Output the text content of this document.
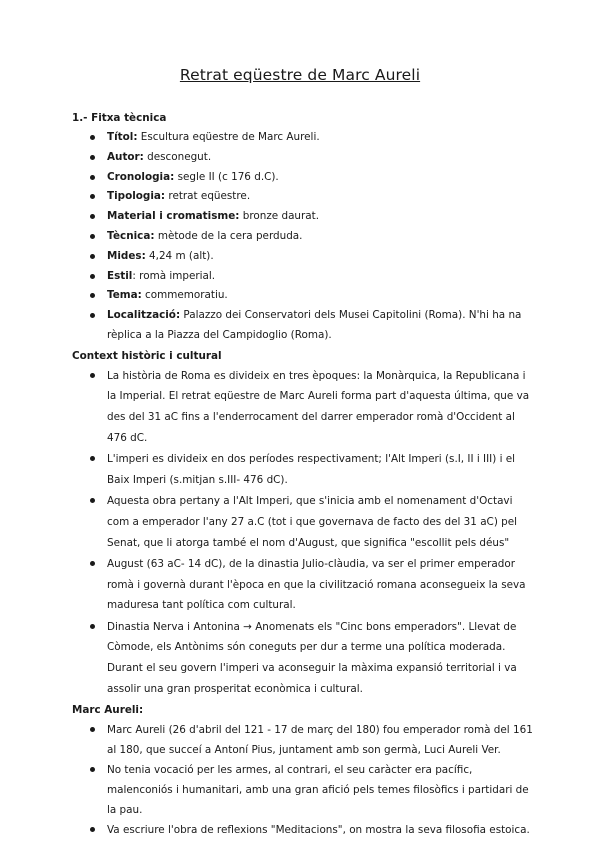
Retrat eqüestre de Marc Aureli

1.- Fitxa tècnica

Títol: Escultura eqüestre de Marc Aureli.
Autor: desconegut.
Cronologia: segle II (c 176 d.C).
Tipologia: retrat eqüestre.
Material i cromatisme: bronze daurat.
Tècnica: mètode de la cera perduda.
Mides: 4,24 m (alt).
Estil: romà imperial.
Tema: commemoratiu.
Localització: Palazzo dei Conservatori dels Musei Capitolini (Roma). N'hi ha na rèplica a la Piazza del Campidoglio (Roma).

Context històric i cultural

La història de Roma es divideix en tres èpoques: la Monàrquica, la Republicana i la Imperial. El retrat eqüestre de Marc Aureli forma part d'aquesta última, que va des del 31 aC fins a l'enderrocament del darrer emperador romà d'Occident al 476 dC.
L'imperi es divideix en dos períodes respectivament; l'Alt Imperi (s.I, II i III) i el Baix Imperi (s.mitjan s.III- 476 dC).
Aquesta obra pertany a l'Alt Imperi, que s'inicia amb el nomenament d'Octavi com a emperador l'any 27 a.C (tot i que governava de facto des del 31 aC) pel Senat, que li atorga també el nom d'August, que significa "escollit pels déus"
August (63 aC- 14 dC), de la dinastia Julio-clàudia, va ser el primer emperador romà i governà durant l'època en que la civilització romana aconsegueix la seva maduresa tant política com cultural.
Dinastia Nerva i Antonina → Anomenats els "Cinc bons emperadors". Llevat de Còmode, els Antònims són coneguts per dur a terme una política moderada. Durant el seu govern l'imperi va aconseguir la màxima expansió territorial i va assolir una gran prosperitat econòmica i cultural.

Marc Aureli:

Marc Aureli (26 d'abril del 121 - 17 de març del 180) fou emperador romà del 161 al 180, que succeí a Antoní Pius, juntament amb son germà, Luci Aureli Ver.
No tenia vocació per les armes, al contrari, el seu caràcter era pacífic, malenconiós i humanitari, amb una gran afició pels temes filosòfics i partidari de la pau.
Va escriure l'obra de reflexions "Meditacions", on mostra la seva filosofia estoica.
